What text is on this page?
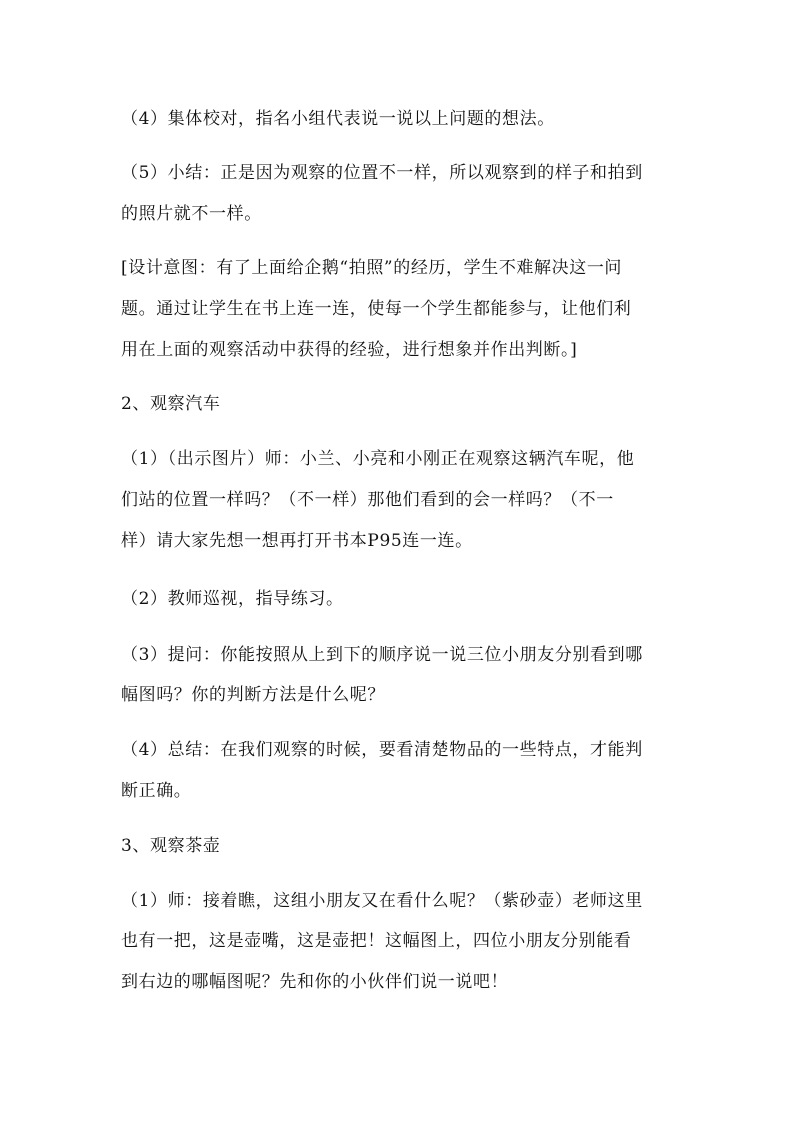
（4）集体校对，指名小组代表说一说以上问题的想法。
（5）小结：正是因为观察的位置不一样，所以观察到的样子和拍到
的照片就不一样。
[设计意图：有了上面给企鹅“拍照”的经历，学生不难解决这一问
题。通过让学生在书上连一连，使每一个学生都能参与，让他们利
用在上面的观察活动中获得的经验，进行想象并作出判断。]
2、观察汽车
（1）（出示图片）师：小兰、小亮和小刚正在观察这辆汽车呢，他
们站的位置一样吗？（不一样）那他们看到的会一样吗？（不一
样）请大家先想一想再打开书本P95连一连。
（2）教师巡视，指导练习。
（3）提问：你能按照从上到下的顺序说一说三位小朋友分别看到哪
幅图吗？你的判断方法是什么呢？
（4）总结：在我们观察的时候，要看清楚物品的一些特点，才能判
断正确。
3、观察茶壶
（1）师：接着瞧，这组小朋友又在看什么呢？（紫砂壶）老师这里
也有一把，这是壶嘴，这是壶把！这幅图上，四位小朋友分别能看
到右边的哪幅图呢？先和你的小伙伴们说一说吧！
